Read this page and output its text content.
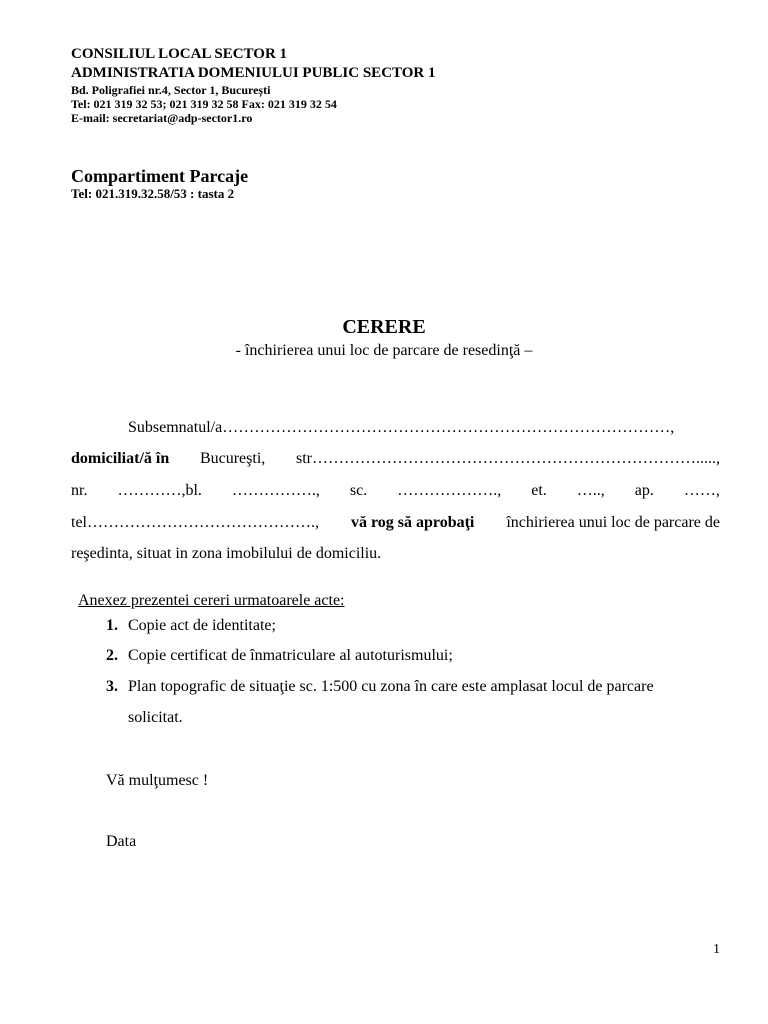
CONSILIUL LOCAL SECTOR 1
ADMINISTRATIA DOMENIULUI PUBLIC SECTOR 1
Bd. Poligrafiei nr.4, Sector 1, București
Tel: 021 319 32 53; 021 319 32 58 Fax: 021 319 32 54
E-mail: secretariat@adp-sector1.ro
Compartiment Parcaje
Tel: 021.319.32.58/53 : tasta 2
CERERE
- închirierea unui loc de parcare de resedinţă –
Subsemnatul/a…………………………………………………………………………,
domiciliat/ă în Bucureşti, str……………………………………………………………….....,
nr. …………,bl. ……………., sc. ………………., et. ….., ap. ……,
tel……………………………………., vă rog să aprobaţi închirierea unui loc de parcare de
reşedinta, situat in zona imobilului de domiciliu.
Anexez prezentei cereri urmatoarele acte:
1. Copie act de identitate;
2. Copie certificat de înmatriculare al autoturismului;
3. Plan topografic de situaţie sc. 1:500 cu zona în care este amplasat locul de parcare
solicitat.
Vă mulţumesc !
Data
1
